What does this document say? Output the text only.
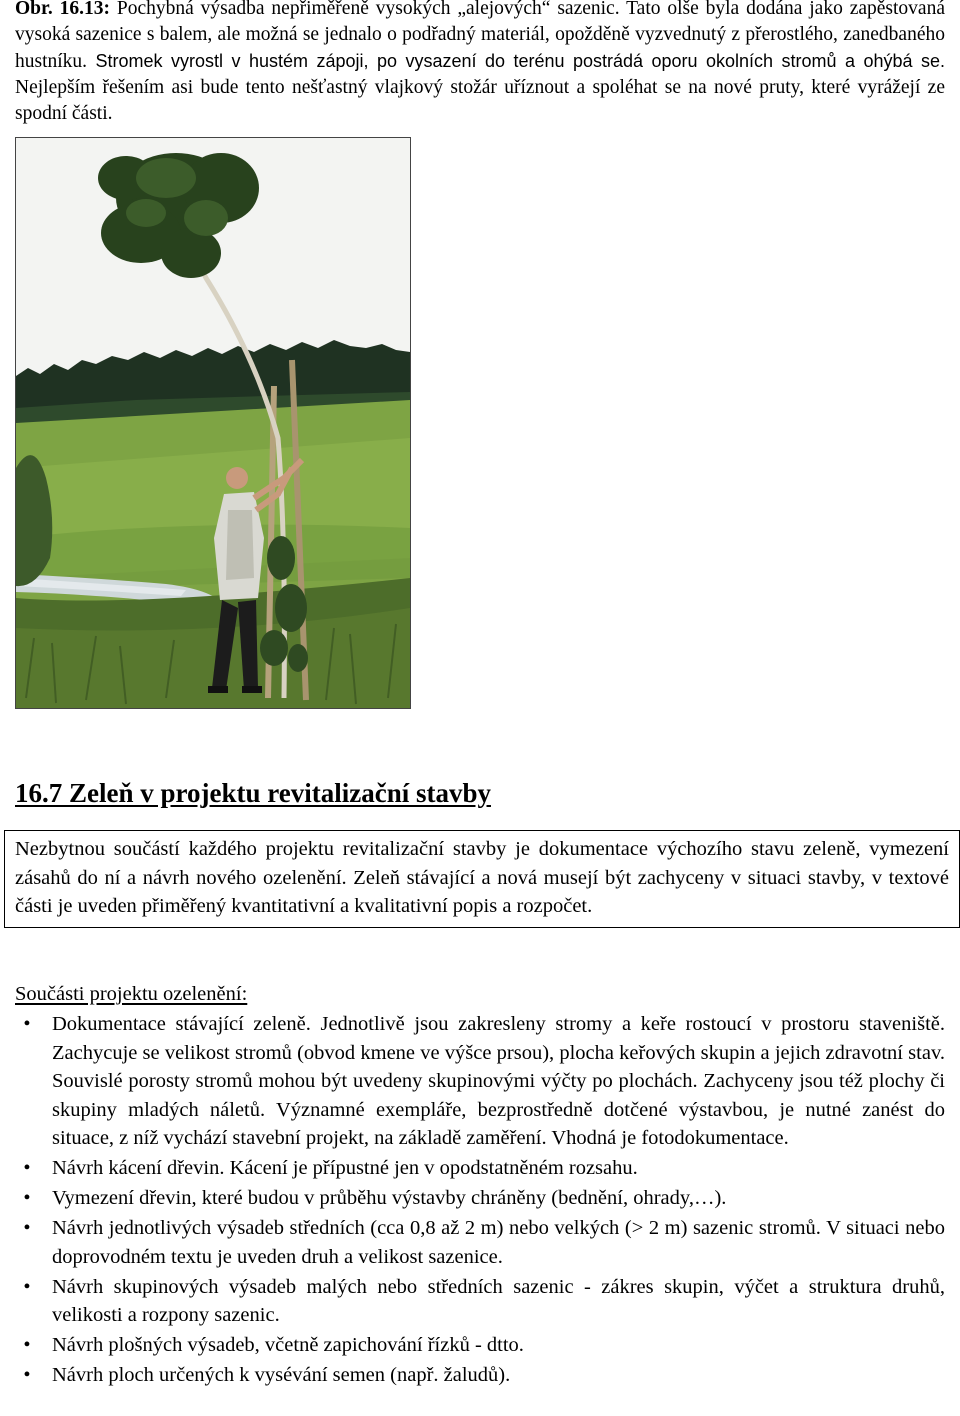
Obr. 16.13: Pochybná výsadba nepřiměřeně vysokých „alejových“ sazenic. Tato olše byla dodána jako zapěstovaná vysoká sazenice s balem, ale možná se jednalo o podřadný materiál, opožděně vyzvednutý z přerostlého, zanedbaného hustníku. Stromek vyrostl v hustém zápoji, po vysazení do terénu postrádá oporu okolních stromů a ohýbá se. Nejlepším řešením asi bude tento nešťastný vlajkový stožár uříznout a spoléhat se na nové pruty, které vyrážejí ze spodní části.
16.7 Zeleň v projektu revitalizační stavby
Nezbytnou součástí každého projektu revitalizační stavby je dokumentace výchozího stavu zeleně, vymezení zásahů do ní a návrh nového ozelenění. Zeleň stávající a nová musejí být zachyceny v situaci stavby, v textové části je uveden přiměřený kvantitativní a kvalitativní popis a rozpočet.
Součásti projektu ozelenění:
•	Dokumentace stávající zeleně. Jednotlivě jsou zakresleny stromy a keře rostoucí v prostoru staveniště. Zachycuje se velikost stromů (obvod kmene ve výšce prsou), plocha keřových skupin a jejich zdravotní stav. Souvislé porosty stromů mohou být uvedeny skupinovými výčty po plochách. Zachyceny jsou též plochy či skupiny mladých náletů. Významné exempláře, bezprostředně dotčené výstavbou, je nutné zanést do situace, z níž vychází stavební projekt, na základě zaměření. Vhodná je fotodokumentace.
•	Návrh kácení dřevin. Kácení je přípustné jen v opodstatněném rozsahu.
•	Vymezení dřevin, které budou v průběhu výstavby chráněny (bednění, ohrady,…).
•	Návrh jednotlivých výsadeb středních (cca 0,8 až 2 m) nebo velkých (> 2 m) sazenic stromů. V situaci nebo doprovodném textu je uveden druh a velikost sazenice.
•	Návrh skupinových výsadeb malých nebo středních sazenic - zákres skupin, výčet a struktura druhů, velikosti a rozpony sazenic.
•	Návrh plošných výsadeb, včetně zapichování řízků - dtto.
•	Návrh ploch určených k vysévání semen (např. žaludů).
